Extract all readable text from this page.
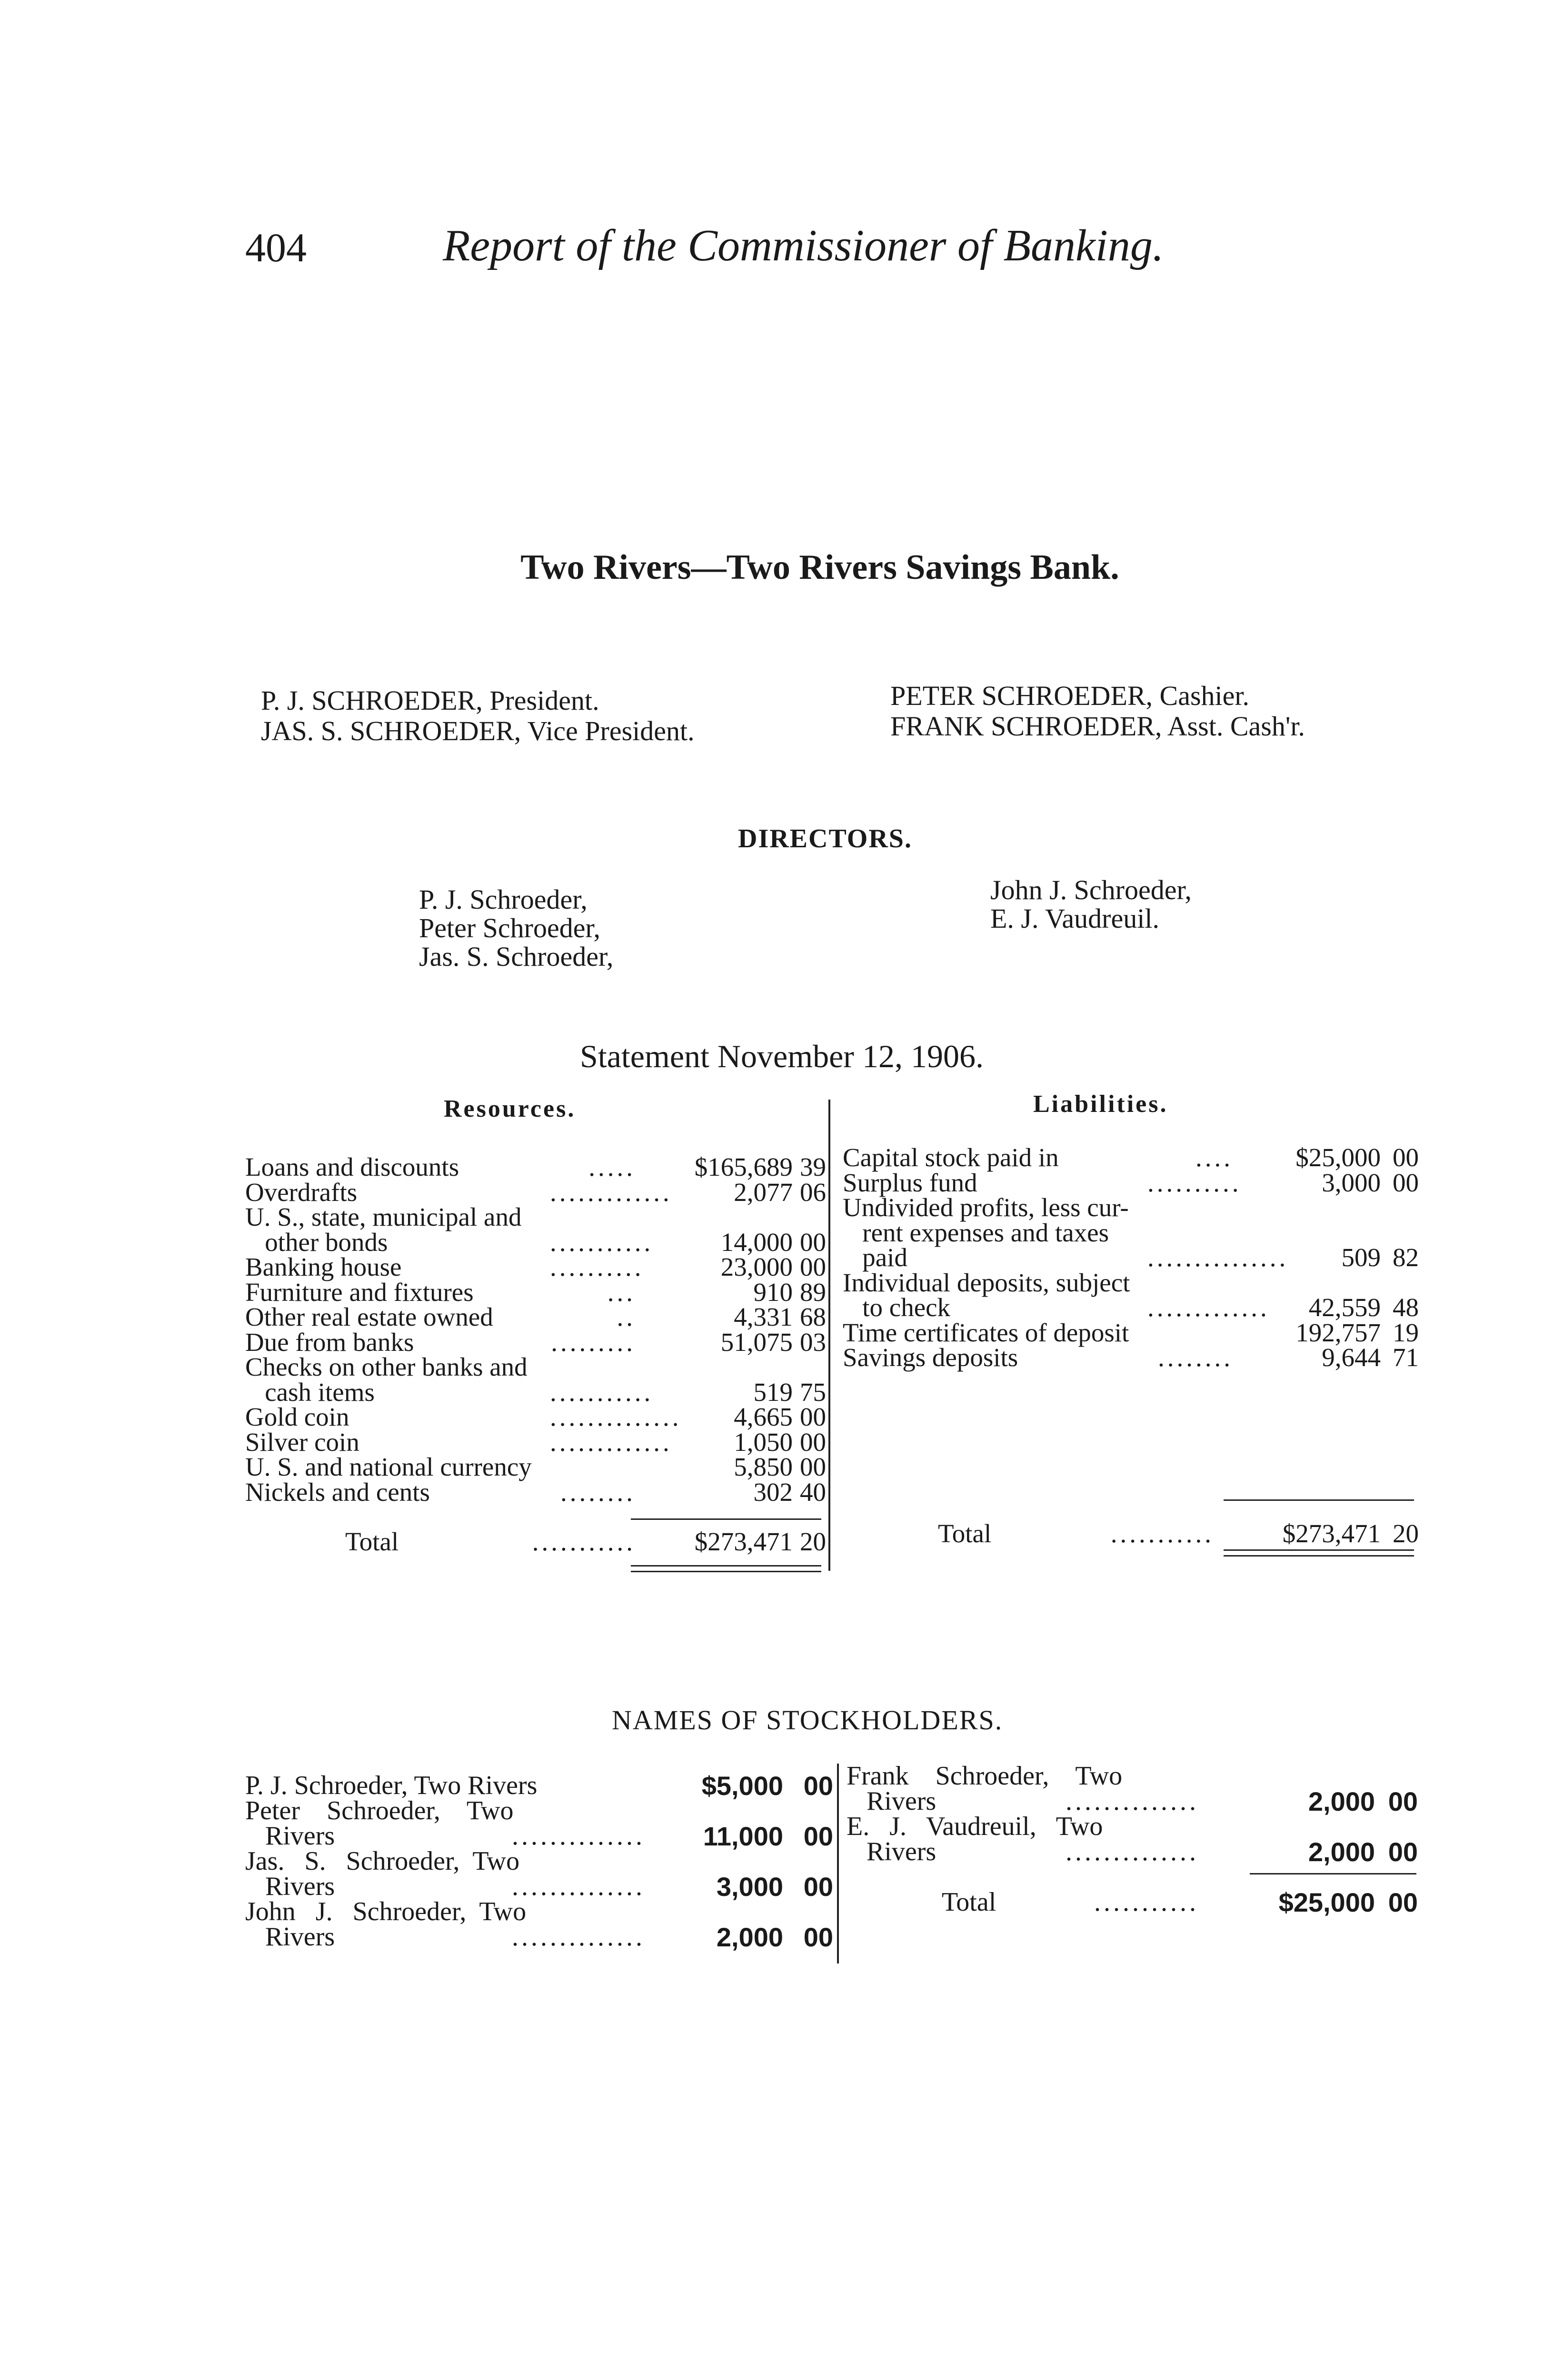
404	Report of the Commissioner of Banking.
Two Rivers—Two Rivers Savings Bank.
P. J. SCHROEDER, President.
JAS. S. SCHROEDER, Vice President.
PETER SCHROEDER, Cashier.
FRANK SCHROEDER, Asst. Cash'r.
DIRECTORS.
P. J. Schroeder,
Peter Schroeder,
Jas. S. Schroeder,
John J. Schroeder,
E. J. Vaudreuil.
Statement November 12, 1906.
Resources.	Liabilities.
Loans and discounts	.....	$165,689 39
Overdrafts	.............	2,077 06
U. S., state, municipal and
other bonds	...........	14,000 00
Banking house	..........	23,000 00
Furniture and fixtures	...	910 89
Other real estate owned	..	4,331 68
Due from banks	.........	51,075 03
Checks on other banks and
cash items	...........	519 75
Gold coin	..............	4,665 00
Silver coin	.............	1,050 00
U. S. and national currency	5,850 00
Nickels and cents	........	302 40
Total	...........	$273,471 20
Capital stock paid in	....	$25,000 00
Surplus fund	..........	3,000 00
Undivided profits, less cur-
rent expenses and taxes
paid	...............	509 82
Individual deposits, subject
to check	.............	42,559 48
Time certificates of deposit	192,757 19
Savings deposits	........	9,644 71
Total	...........	$273,471 20
NAMES OF STOCKHOLDERS.
P. J. Schroeder, Two Rivers	$5,000 00
Peter    Schroeder,    Two
Rivers	..............	11,000 00
Jas.   S.   Schroeder,  Two
Rivers	..............	3,000 00
John   J.   Schroeder,  Two
Rivers	..............	2,000 00
Frank    Schroeder,    Two
Rivers	..............	2,000 00
E.   J.   Vaudreuil,   Two
Rivers	..............	2,000 00
Total	...........	$25,000 00
